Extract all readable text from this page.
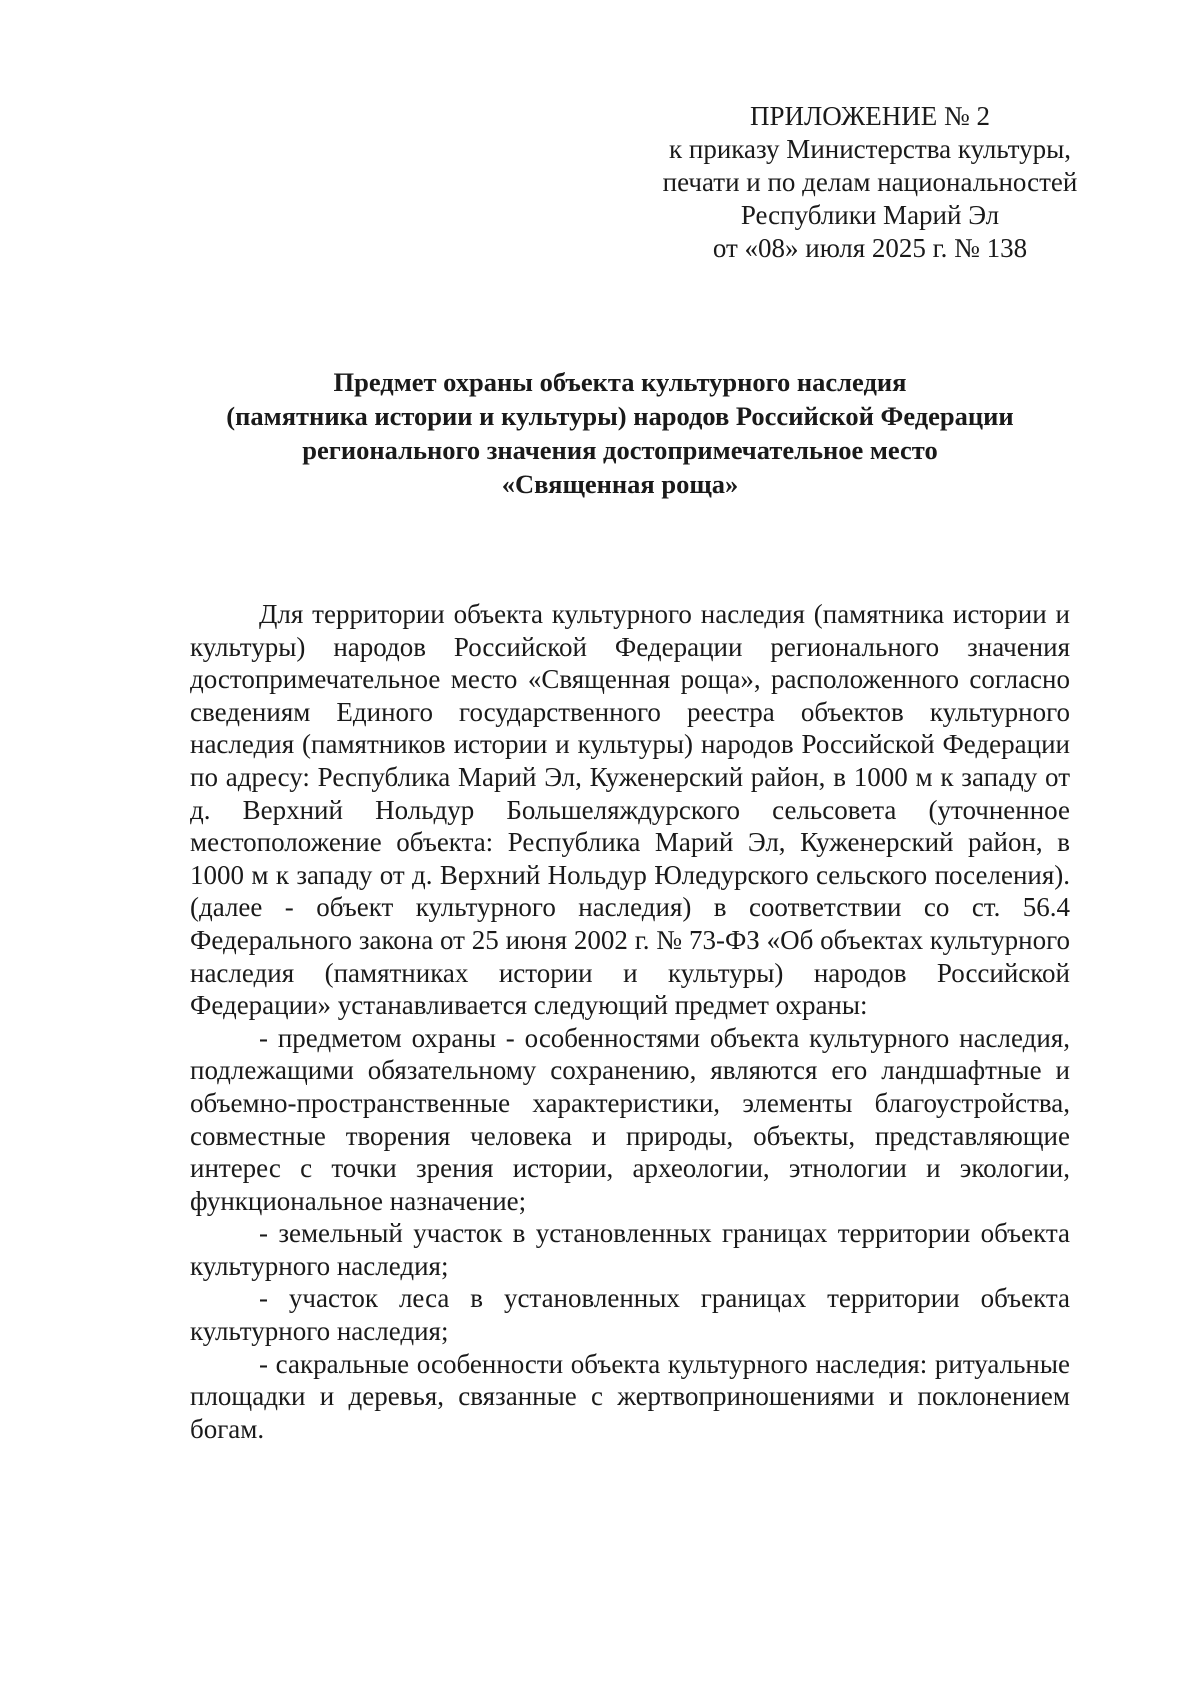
ПРИЛОЖЕНИЕ № 2
к приказу Министерства культуры,
печати и по делам национальностей
Республики Марий Эл
от «08» июля 2025 г. № 138
Предмет охраны объекта культурного наследия
(памятника истории и культуры) народов Российской Федерации
регионального значения достопримечательное место
«Священная роща»

Для территории объекта культурного наследия (памятника истории и культуры) народов Российской Федерации регионального значения достопримечательное место «Священная роща», расположенного согласно сведениям Единого государственного реестра объектов культурного наследия (памятников истории и культуры) народов Российской Федерации по адресу: Республика Марий Эл, Куженерский район, в 1000 м к западу от д. Верхний Нольдур Большеляждурского сельсовета (уточненное местоположение объекта: Республика Марий Эл, Куженерский район, в 1000 м к западу от д. Верхний Нольдур Юледурского сельского поселения). (далее - объект культурного наследия) в соответствии со ст. 56.4 Федерального закона от 25 июня 2002 г. № 73-ФЗ «Об объектах культурного наследия (памятниках истории и культуры) народов Российской Федерации» устанавливается следующий предмет охраны:

- предметом охраны - особенностями объекта культурного наследия, подлежащими обязательному сохранению, являются его ландшафтные и объемно-пространственные характеристики, элементы благоустройства, совместные творения человека и природы, объекты, представляющие интерес с точки зрения истории, археологии, этнологии и экологии, функциональное назначение;

- земельный участок в установленных границах территории объекта культурного наследия;

- участок леса в установленных границах территории объекта культурного наследия;

- сакральные особенности объекта культурного наследия: ритуальные площадки и деревья, связанные с жертвоприношениями и поклонением богам.
